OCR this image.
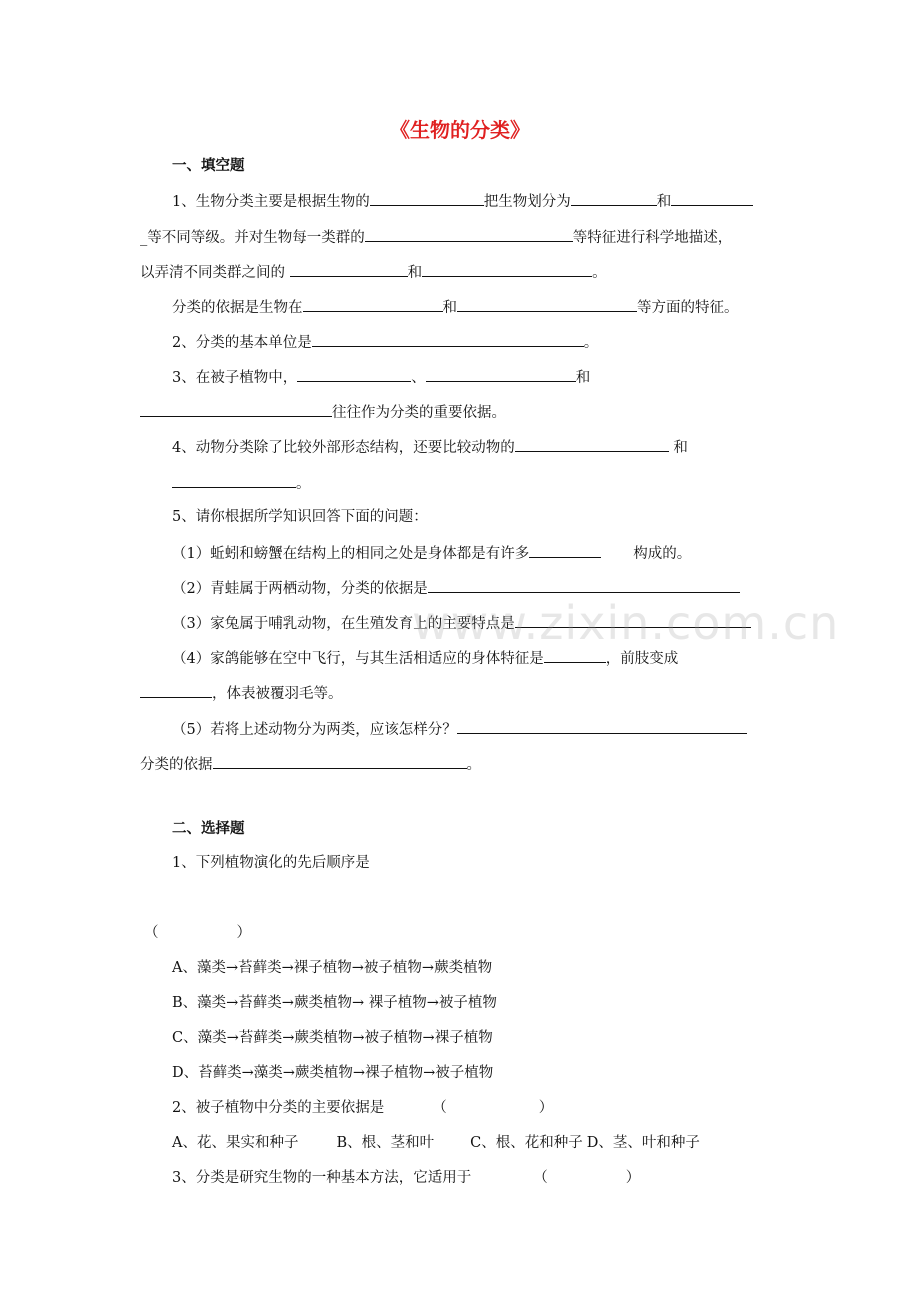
《生物的分类》
一、填空题
1、生物分类主要是根据生物的	把生物划分为	和
_等不同等级。并对生物每一类群的	等特征进行科学地描述，
以弄清不同类群之间的	和	。
分类的依据是生物在	和	等方面的特征。
2、分类的基本单位是	。
3、在被子植物中，	、	和
往往作为分类的重要依据。
4、动物分类除了比较外部形态结构，还要比较动物的	和
。
5、请你根据所学知识回答下面的问题：
（1）蚯蚓和螃蟹在结构上的相同之处是身体都是有许多	构成的。
（2）青蛙属于两栖动物，分类的依据是
（3）家兔属于哺乳动物，在生殖发育上的主要特点是
（4）家鸽能够在空中飞行，与其生活相适应的身体特征是	，前肢变成
，体表被覆羽毛等。
（5）若将上述动物分为两类，应该怎样分？
分类的依据	。
二、选择题
1、下列植物演化的先后顺序是
（	）
A、藻类→苔藓类→裸子植物→被子植物→蕨类植物
B、藻类→苔藓类→蕨类植物→ 裸子植物→被子植物
C、藻类→苔藓类→蕨类植物→被子植物→裸子植物
D、苔藓类→藻类→蕨类植物→裸子植物→被子植物
2、被子植物中分类的主要依据是	（	）
A、花、果实和种子	B、根、茎和叶 C、根、花和种子 D、茎、叶和种子
3、分类是研究生物的一种基本方法，它适用于	（	）
www.zixin.com.cn
